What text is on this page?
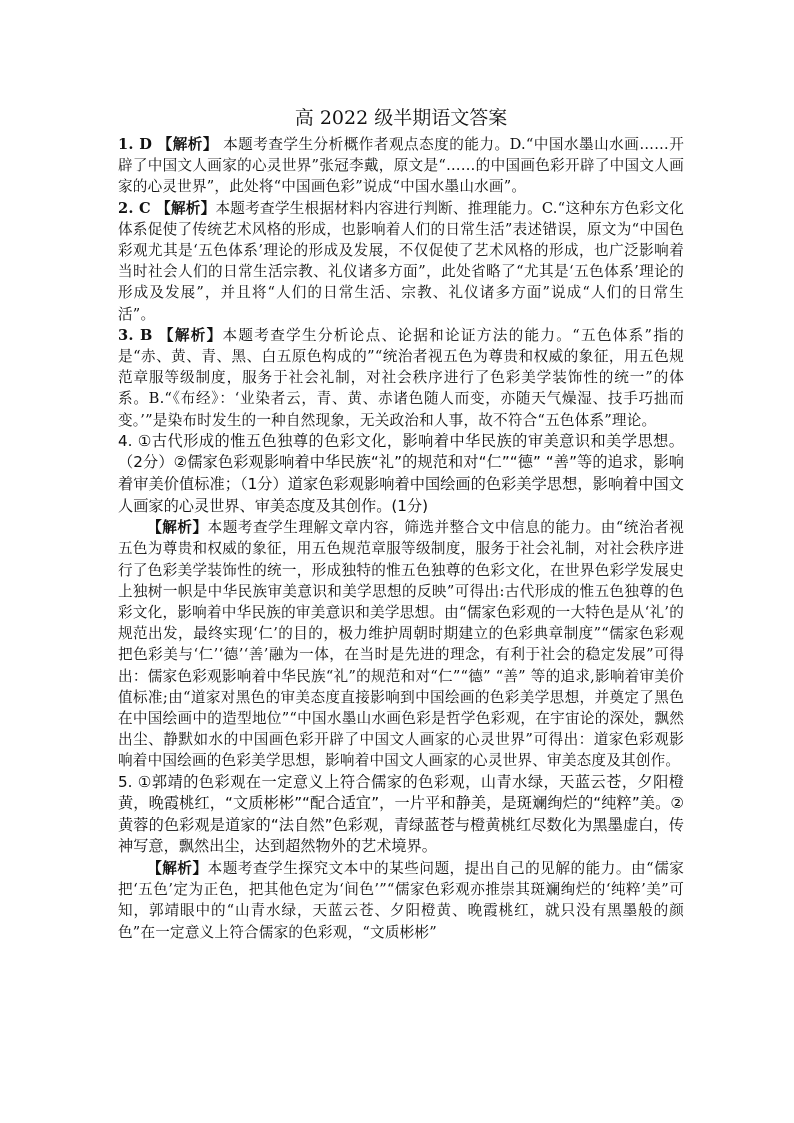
高 2022 级半期语文答案

1. D 【解析】 本题考查学生分析概作者观点态度的能力。D.“中国水墨山水画……开辟了中国文人画家的心灵世界”张冠李戴，原文是“……的中国画色彩开辟了中国文人画家的心灵世界”，此处将“中国画色彩”说成“中国水墨山水画”。

2. C 【解析】本题考查学生根据材料内容进行判断、推理能力。C.“这种东方色彩文化体系促使了传统艺术风格的形成，也影响着人们的日常生活”表述错误，原文为“中国色彩观尤其是‘五色体系’理论的形成及发展，不仅促使了艺术风格的形成，也广泛影响着当时社会人们的日常生活宗教、礼仪诸多方面”，此处省略了“尤其是‘五色体系’理论的形成及发展”，并且将“人们的日常生活、宗教、礼仪诸多方面”说成“人们的日常生活”。

3. B 【解析】本题考查学生分析论点、论据和论证方法的能力。“五色体系”指的是“赤、黄、青、黑、白五原色构成的”“统治者视五色为尊贵和权威的象征，用五色规范章服等级制度，服务于社会礼制，对社会秩序进行了色彩美学装饰性的统一”的体系。B.“《布经》：‘业染者云，青、黄、赤诸色随人而变，亦随天气燥湿、技手巧拙而变。’”是染布时发生的一种自然现象，无关政治和人事，故不符合“五色体系”理论。

4. ①古代形成的惟五色独尊的色彩文化，影响着中华民族的审美意识和美学思想。（2分）②儒家色彩观影响着中华民族“礼”的规范和对“仁”“德” “善”等的追求，影响着审美价值标准；（1分）道家色彩观影响着中国绘画的色彩美学思想，影响着中国文人画家的心灵世界、审美态度及其创作。(1分)

【解析】本题考查学生理解文章内容，筛选并整合文中信息的能力。由“统治者视五色为尊贵和权威的象征，用五色规范章服等级制度，服务于社会礼制，对社会秩序进行了色彩美学装饰性的统一，形成独特的惟五色独尊的色彩文化，在世界色彩学发展史上独树一帜是中华民族审美意识和美学思想的反映”可得出:古代形成的惟五色独尊的色彩文化，影响着中华民族的审美意识和美学思想。由“儒家色彩观的一大特色是从‘礼’的规范出发，最终实现‘仁’的目的，极力维护周朝时期建立的色彩典章制度”“儒家色彩观把色彩美与‘仁’‘德’‘善’融为一体，在当时是先进的理念，有利于社会的稳定发展”可得出：儒家色彩观影响着中华民族“礼”的规范和对“仁”“德” “善” 等的追求,影响着审美价值标准;由“道家对黑色的审美态度直接影响到中国绘画的色彩美学思想，并奠定了黑色在中国绘画中的造型地位”“中国水墨山水画色彩是哲学色彩观，在宇宙论的深处，飘然出尘、静默如水的中国画色彩开辟了中国文人画家的心灵世界”可得出：道家色彩观影响着中国绘画的色彩美学思想，影响着中国文人画家的心灵世界、审美态度及其创作。

5. ①郭靖的色彩观在一定意义上符合儒家的色彩观，山青水绿，天蓝云苍，夕阳橙黄，晚霞桃红，“文质彬彬”“配合适宜”，一片平和静美，是斑斓绚烂的“纯粹”美。②黄蓉的色彩观是道家的“法自然”色彩观，青绿蓝苍与橙黄桃红尽数化为黑墨虚白，传神写意，飘然出尘，达到超然物外的艺术境界。

【解析】本题考查学生探究文本中的某些问题，提出自己的见解的能力。由“儒家把‘五色’定为正色，把其他色定为‘间色’”“儒家色彩观亦推崇其斑斓绚烂的‘纯粹’美”可知，郭靖眼中的“山青水绿，天蓝云苍、夕阳橙黄、晚霞桃红，就只没有黑墨般的颜色”在一定意义上符合儒家的色彩观，“文质彬彬”
